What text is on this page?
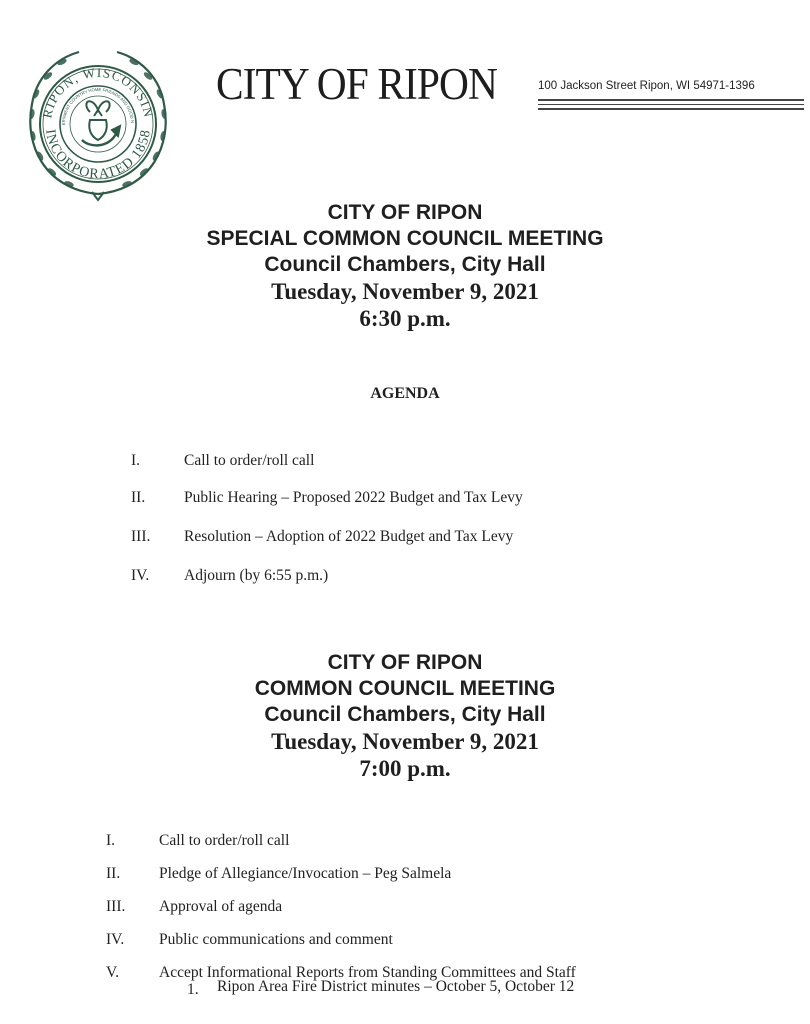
RIPON, WISCONSIN
INCORPORATED 1858
ERNMENT COUNTRY HOME FRIENDS AND GOOD N
CITY OF RIPON	100 Jackson Street Ripon, WI 54971-1396
CITY OF RIPON
SPECIAL COMMON COUNCIL MEETING
Council Chambers, City Hall
Tuesday, November 9, 2021
6:30 p.m.
AGENDA
I.	Call to order/roll call
II.	Public Hearing – Proposed 2022 Budget and Tax Levy
III. Resolution – Adoption of 2022 Budget and Tax Levy
IV. Adjourn (by 6:55 p.m.)
CITY OF RIPON
COMMON COUNCIL MEETING
Council Chambers, City Hall
Tuesday, November 9, 2021
7:00 p.m.
I.	Call to order/roll call
II.	Pledge of Allegiance/Invocation – Peg Salmela
III. Approval of agenda
IV. Public communications and comment
V.	Accept Informational Reports from Standing Committees and Staff
1. Ripon Area Fire District minutes – October 5, October 12
